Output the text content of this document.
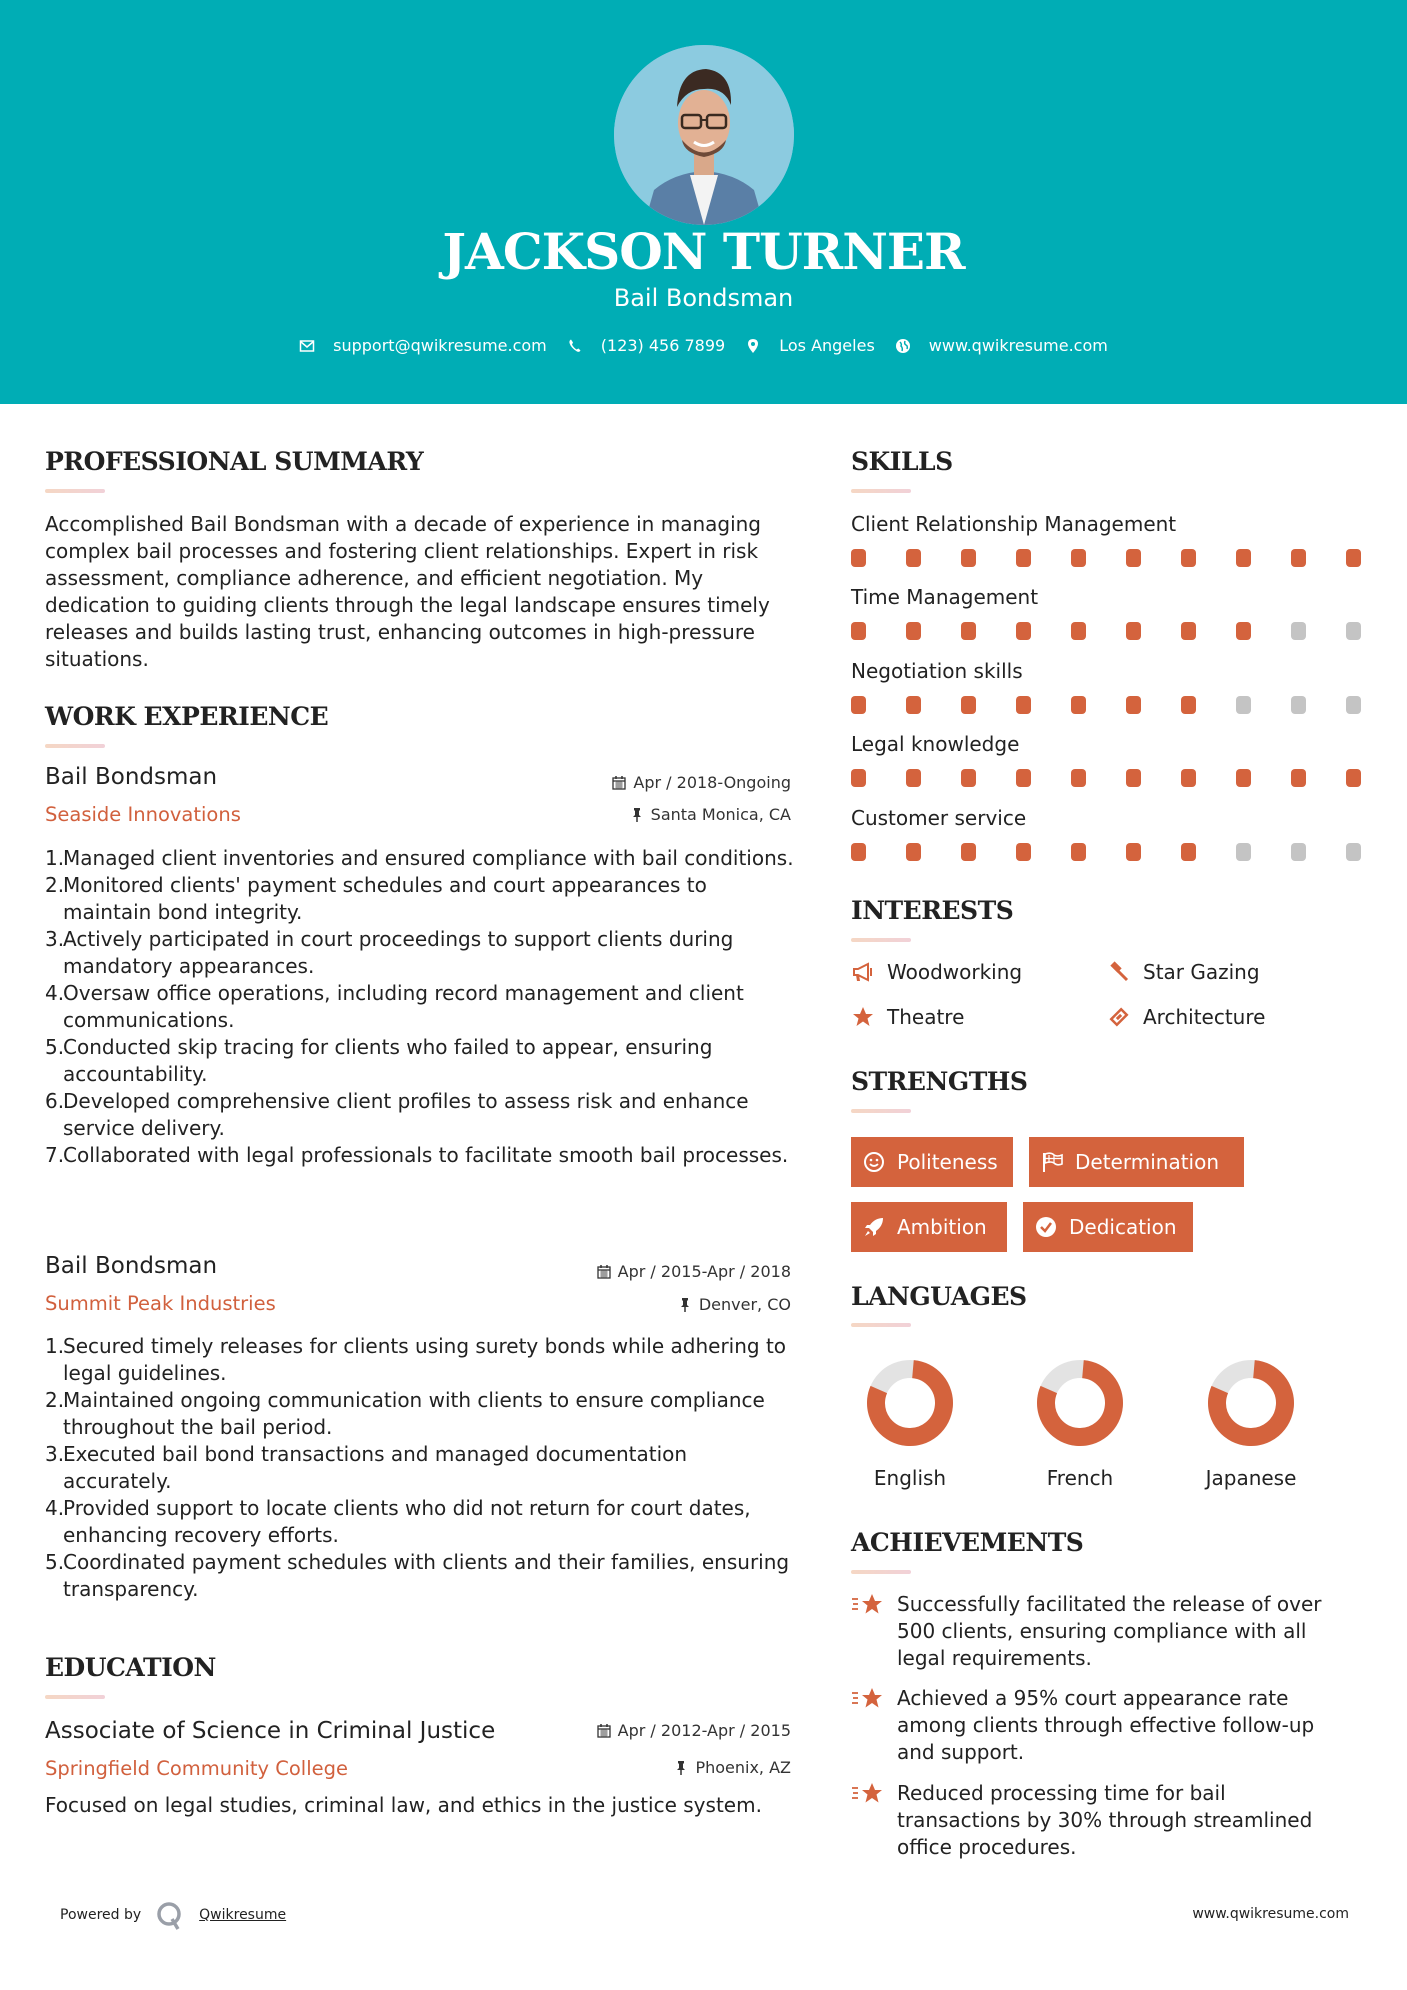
JACKSON TURNER
Bail Bondsman
support@qwikresume.com	(123) 456 7899	Los Angeles	www.qwikresume.com
PROFESSIONAL SUMMARY
Accomplished Bail Bondsman with a decade of experience in managing complex bail processes and fostering client relationships. Expert in risk assessment, compliance adherence, and efficient negotiation. My dedication to guiding clients through the legal landscape ensures timely releases and builds lasting trust, enhancing outcomes in high-pressure situations.
WORK EXPERIENCE
Bail Bondsman	Apr / 2018-Ongoing
Seaside Innovations	Santa Monica, CA
1.
Managed client inventories and ensured compliance with bail conditions.
2.
Monitored clients' payment schedules and court appearances to maintain bond integrity.
3.
Actively participated in court proceedings to support clients during mandatory appearances.
4.
Oversaw office operations, including record management and client communications.
5.
Conducted skip tracing for clients who failed to appear, ensuring accountability.
6.
Developed comprehensive client profiles to assess risk and enhance service delivery.
7.
Collaborated with legal professionals to facilitate smooth bail processes.
Bail Bondsman	Apr / 2015-Apr / 2018
Summit Peak Industries	Denver, CO
1.
Secured timely releases for clients using surety bonds while adhering to legal guidelines.
2.
Maintained ongoing communication with clients to ensure compliance throughout the bail period.
3.
Executed bail bond transactions and managed documentation accurately.
4.
Provided support to locate clients who did not return for court dates, enhancing recovery efforts.
5.
Coordinated payment schedules with clients and their families, ensuring transparency.
EDUCATION
Associate of Science in Criminal Justice	Apr / 2012-Apr / 2015
Springfield Community College	Phoenix, AZ
Focused on legal studies, criminal law, and ethics in the justice system.
SKILLS
Client Relationship Management
Time Management
Negotiation skills
Legal knowledge
Customer service
INTERESTS
Woodworking	Star Gazing
Theatre	Architecture
STRENGTHS
Politeness	Determination
Ambition	Dedication
LANGUAGES
English	French	Japanese
ACHIEVEMENTS
Successfully facilitated the release of over 500 clients, ensuring compliance with all legal requirements.
Achieved a 95% court appearance rate among clients through effective follow-up and support.
Reduced processing time for bail transactions by 30% through streamlined office procedures.
Powered by	Qwikresume	www.qwikresume.com
